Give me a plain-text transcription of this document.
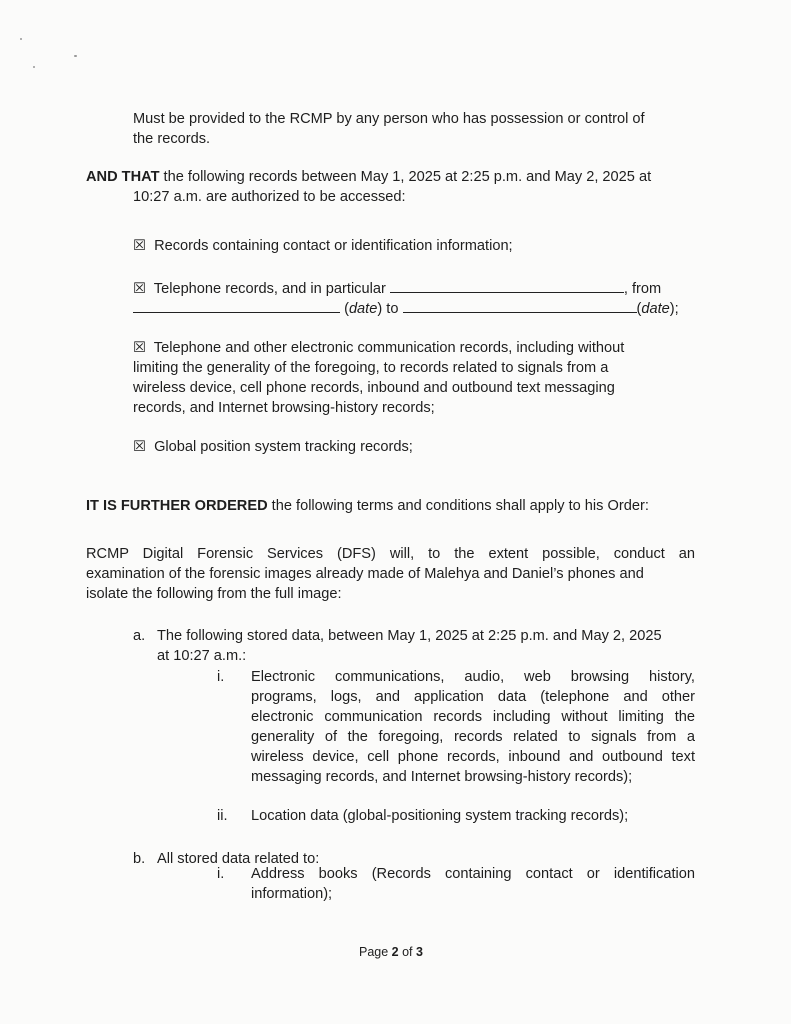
Must be provided to the RCMP by any person who has possession or control of
the records.
AND THAT the following records between May 1, 2025 at 2:25 p.m. and May 2, 2025 at
10:27 a.m. are authorized to be accessed:
☒ Records containing contact or identification information;
☒ Telephone records, and in particular	, from
(date) to	(date);
☒ Telephone and other electronic communication records, including without
limiting the generality of the foregoing, to records related to signals from a
wireless device, cell phone records, inbound and outbound text messaging
records, and Internet browsing-history records;
☒ Global position system tracking records;
IT IS FURTHER ORDERED the following terms and conditions shall apply to his Order:
RCMP Digital Forensic Services (DFS) will, to the extent possible, conduct an
examination of the forensic images already made of Malehya and Daniel’s phones and
isolate the following from the full image:
a. The following stored data, between May 1, 2025 at 2:25 p.m. and May 2, 2025
at 10:27 a.m.:
i. Electronic communications, audio, web browsing history,
programs, logs, and application data (telephone and other
electronic communication records including without limiting the
generality of the foregoing, records related to signals from a
wireless device, cell phone records, inbound and outbound text
messaging records, and Internet browsing-history records);
ii. Location data (global-positioning system tracking records);
b. All stored data related to:
i. Address books (Records containing contact or identification
information);
Page 2 of 3
